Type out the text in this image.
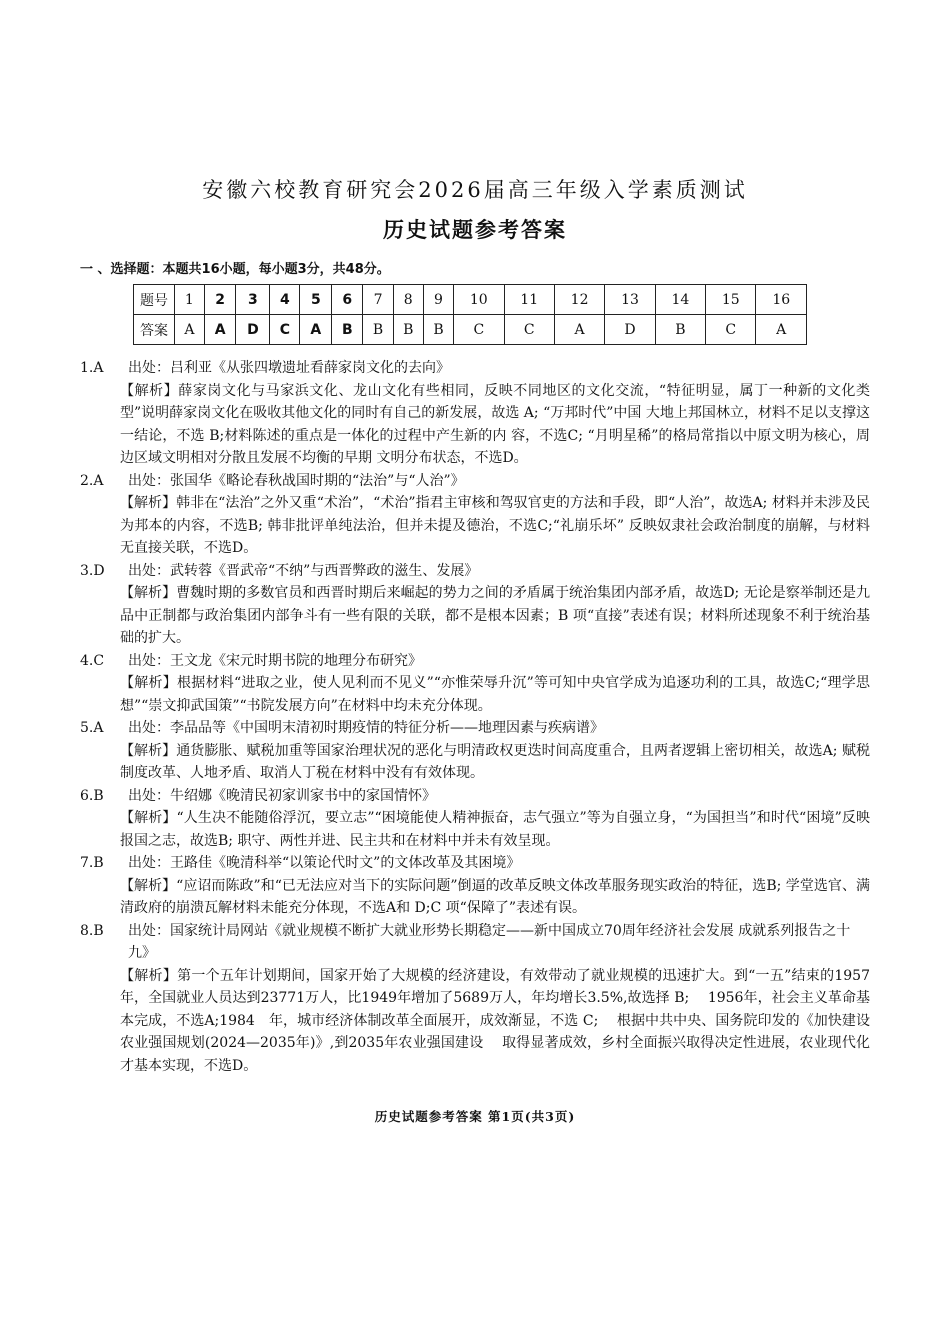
安徽六校教育研究会2026届高三年级入学素质测试
历史试题参考答案
一 、选择题：本题共16小题，每小题3分，共48分。
题号	1	2	3	4	5	6	7	8	9	10	11	12	13	14	15	16
答案	A	A	D	C	A	B	B	B	B	C	C	A	D	B	C	A
1.A	出处：吕利亚《从张四墩遗址看薛家岗文化的去向》
【解析】薛家岗文化与马家浜文化、龙山文化有些相同，反映不同地区的文化交流，“特征明显，属丁一种新的文化类型”说明薛家岗文化在吸收其他文化的同时有自己的新发展，故选 A; “万邦时代”中国 大地上邦国林立，材料不足以支撑这一结论，不选 B;材料陈述的重点是一体化的过程中产生新的内 容，不选C; “月明星稀”的格局常指以中原文明为核心，周边区域文明相对分散且发展不均衡的早期 文明分布状态，不选D。
2.A	出处：张国华《略论春秋战国时期的“法治”与“人治”》
【解析】韩非在“法治”之外又重“术治”，“术治”指君主审核和驾驭官吏的方法和手段，即“人治”，故选A; 材料并未涉及民为邦本的内容，不选B; 韩非批评单纯法治，但并未提及德治，不选C;“礼崩乐坏” 反映奴隶社会政治制度的崩解，与材料无直接关联，不选D。
3.D	出处：武转蓉《晋武帝“不纳”与西晋弊政的滋生、发展》
【解析】曹魏时期的多数官员和西晋时期后来崛起的势力之间的矛盾属于统治集团内部矛盾，故选D; 无论是察举制还是九品中正制都与政治集团内部争斗有一些有限的关联，都不是根本因素；B 项“直接”表述有误；材料所述现象不利于统治基础的扩大。
4.C	出处：王文龙《宋元时期书院的地理分布研究》
【解析】根据材料“进取之业，使人见利而不见义”“亦惟荣辱升沉”等可知中央官学成为追逐功利的工具，故选C;“理学思想”“崇文抑武国策”“书院发展方向”在材料中均未充分体现。
5.A	出处：李品品等《中国明末清初时期疫情的特征分析——地理因素与疾病谱》
【解析】通货膨胀、赋税加重等国家治理状况的恶化与明清政权更迭时间高度重合，且两者逻辑上密切相关，故选A; 赋税制度改革、人地矛盾、取消人丁税在材料中没有有效体现。
6.B	出处：牛绍娜《晚清民初家训家书中的家国情怀》
【解析】“人生决不能随俗浮沉，要立志”“困境能使人精神振奋，志气强立”等为自强立身，“为国担当”和时代“困境”反映报国之志，故选B; 职守、两性并进、民主共和在材料中并未有效呈现。
7.B	出处：王路佳《晚清科举“以策论代时文”的文体改革及其困境》
【解析】“应诏而陈政”和“已无法应对当下的实际问题”倒逼的改革反映文体改革服务现实政治的特征，选B; 学堂选官、满清政府的崩溃瓦解材料未能充分体现，不选A和 D;C 项“保障了”表述有误。
8.B	出处：国家统计局网站《就业规模不断扩大就业形势长期稳定——新中国成立70周年经济社会发展 成就系列报告之十九》
【解析】第一个五年计划期间，国家开始了大规模的经济建设，有效带动了就业规模的迅速扩大。到“一五”结束的1957年，全国就业人员达到23771万人，比1949年增加了5689万人，年均增长3.5%,故选择 B;　 1956年，社会主义革命基本完成，不选A;1984　年，城市经济体制改革全面展开，成效渐显，不选 C;　 根据中共中央、国务院印发的《加快建设农业强国规划(2024—2035年)》,到2035年农业强国建设　 取得显著成效，乡村全面振兴取得决定性进展，农业现代化才基本实现，不选D。
历史试题参考答案 第1页(共3页)
